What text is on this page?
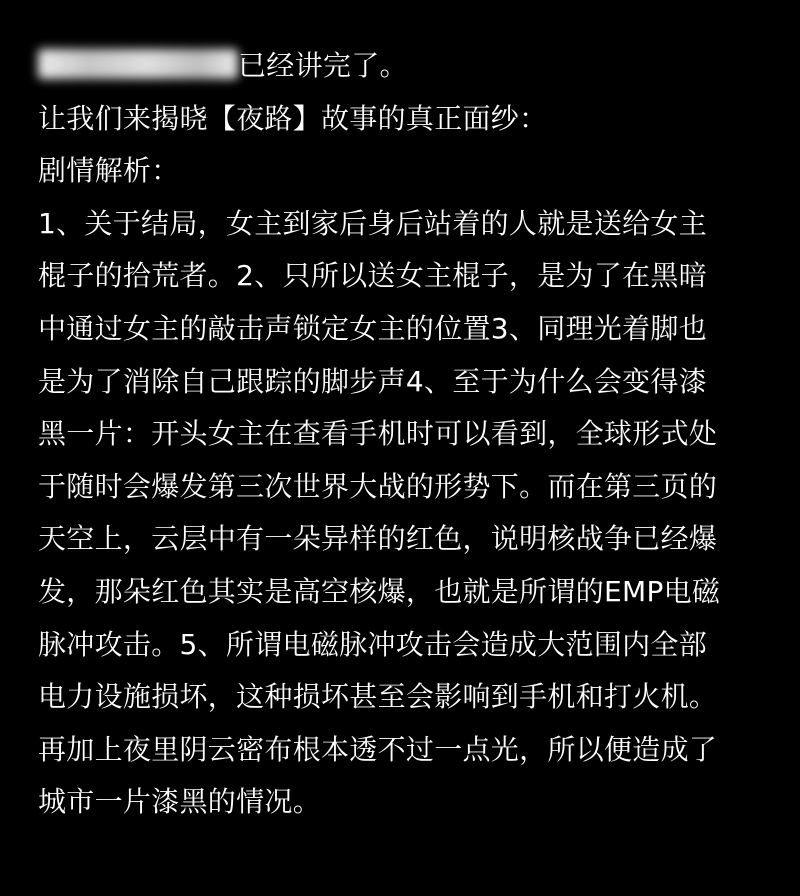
已经讲完了。
让我们来揭晓【夜路】故事的真正面纱：
剧情解析：
1、关于结局，女主到家后身后站着的人就是送给女主
棍子的拾荒者。2、只所以送女主棍子，是为了在黑暗
中通过女主的敲击声锁定女主的位置3、同理光着脚也
是为了消除自己跟踪的脚步声4、至于为什么会变得漆
黑一片：开头女主在查看手机时可以看到，全球形式处
于随时会爆发第三次世界大战的形势下。而在第三页的
天空上，云层中有一朵异样的红色，说明核战争已经爆
发，那朵红色其实是高空核爆，也就是所谓的EMP电磁
脉冲攻击。5、所谓电磁脉冲攻击会造成大范围内全部
电力设施损坏，这种损坏甚至会影响到手机和打火机。
再加上夜里阴云密布根本透不过一点光，所以便造成了
城市一片漆黑的情况。
